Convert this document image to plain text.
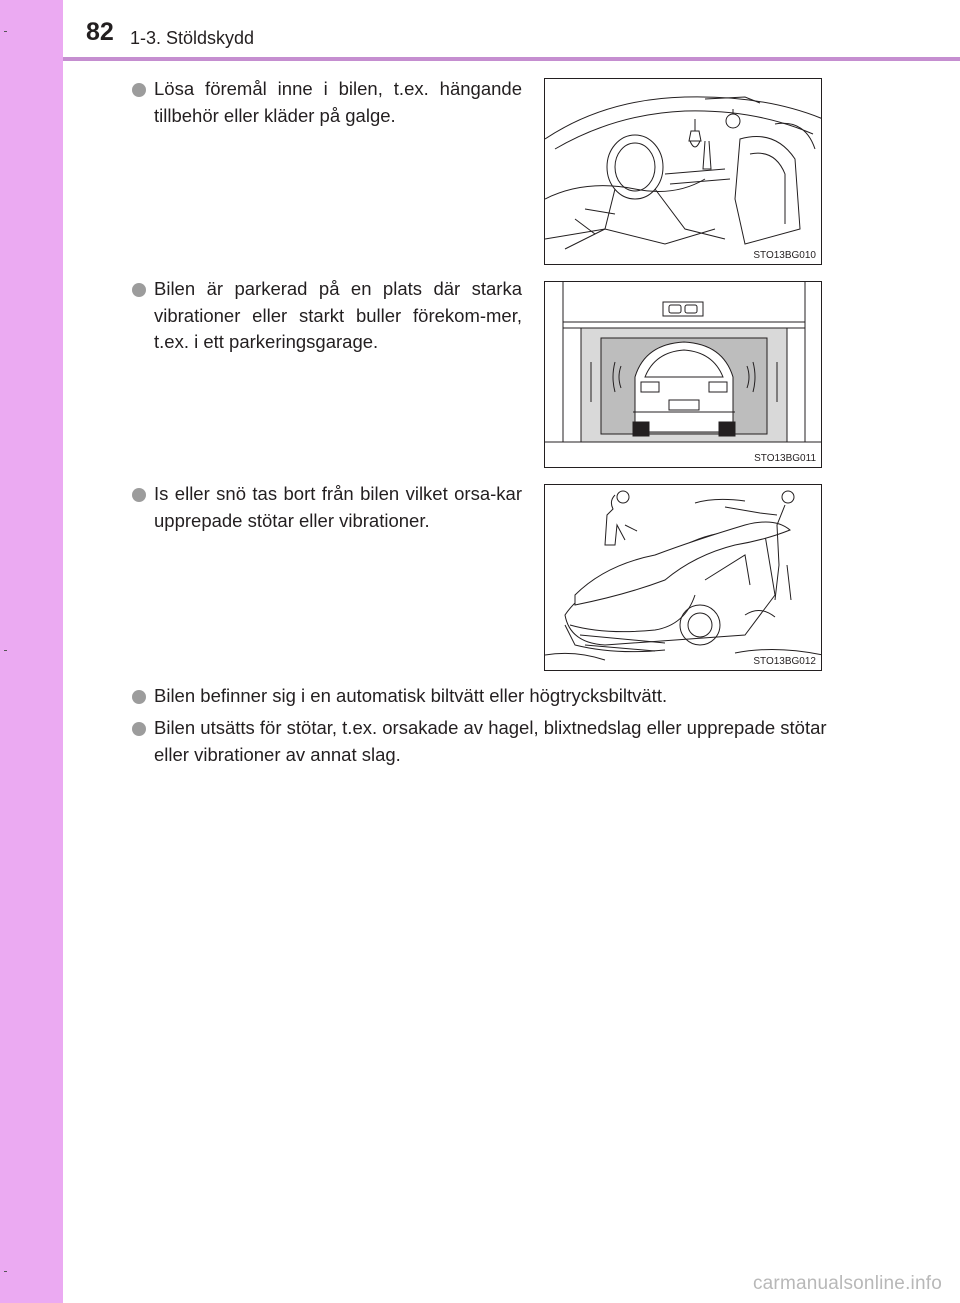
82 1-3. Stöldskydd
Lösa föremål inne i bilen, t.ex. hängande tillbehör eller kläder på galge.
Bilen är parkerad på en plats där starka vibrationer eller starkt buller förekom-mer, t.ex. i ett parkeringsgarage.
Is eller snö tas bort från bilen vilket orsa-kar upprepade stötar eller vibrationer.
Bilen befinner sig i en automatisk biltvätt eller högtrycksbiltvätt.
Bilen utsätts för stötar, t.ex. orsakade av hagel, blixtnedslag eller upprepade stötar eller vibrationer av annat slag.
STO13BG010
STO13BG011
STO13BG012
carmanualsonline.info
